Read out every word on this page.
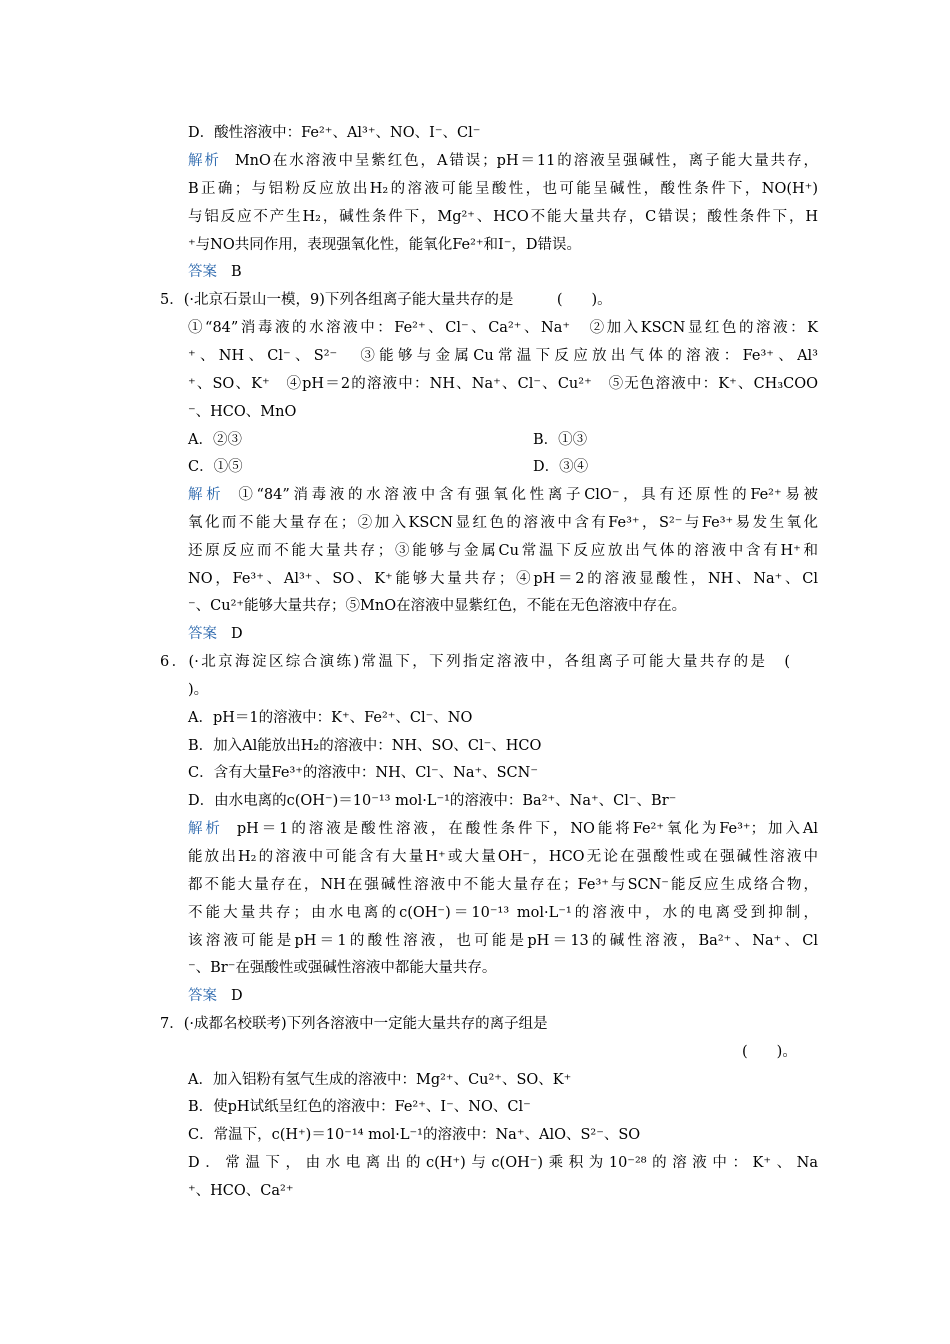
D．酸性溶液中：Fe²⁺、Al³⁺、NO、I⁻、Cl⁻
解析 MnO在水溶液中呈紫红色，A错误；pH＝11的溶液呈强碱性，离子能大量共存，
B正确；与铝粉反应放出H₂的溶液可能呈酸性，也可能呈碱性，酸性条件下，NO(H⁺)
与铝反应不产生H₂，碱性条件下，Mg²⁺、HCO不能大量共存，C错误；酸性条件下，H
⁺与NO共同作用，表现强氧化性，能氧化Fe²⁺和I⁻，D错误。
答案 B
5．(·北京石景山一模，9)下列各组离子能大量共存的是　　　(　　)。
①“84”消毒液的水溶液中：Fe²⁺、Cl⁻、Ca²⁺、Na⁺　②加入KSCN显红色的溶液：K
⁺、NH、Cl⁻、S²⁻　③能够与金属Cu常温下反应放出气体的溶液：Fe³⁺、Al³
⁺、SO、K⁺　④pH＝2的溶液中：NH、Na⁺、Cl⁻、Cu²⁺　⑤无色溶液中：K⁺、CH₃COO
⁻、HCO、MnO
A．②③	B．①③
C．①⑤	D．③④
解析 ①“84”消毒液的水溶液中含有强氧化性离子ClO⁻，具有还原性的Fe²⁺易被
氧化而不能大量存在；②加入KSCN显红色的溶液中含有Fe³⁺，S²⁻与Fe³⁺易发生氧化
还原反应而不能大量共存；③能够与金属Cu常温下反应放出气体的溶液中含有H⁺和
NO，Fe³⁺、Al³⁺、SO、K⁺能够大量共存；④pH＝2的溶液显酸性，NH、Na⁺、Cl
⁻、Cu²⁺能够大量共存；⑤MnO在溶液中显紫红色，不能在无色溶液中存在。
答案 D
6．(·北京海淀区综合演练)常温下，下列指定溶液中，各组离子可能大量共存的是　(
)。
A．pH＝1的溶液中：K⁺、Fe²⁺、Cl⁻、NO
B．加入Al能放出H₂的溶液中：NH、SO、Cl⁻、HCO
C．含有大量Fe³⁺的溶液中：NH、Cl⁻、Na⁺、SCN⁻
D．由水电离的c(OH⁻)＝10⁻¹³ mol·L⁻¹的溶液中：Ba²⁺、Na⁺、Cl⁻、Br⁻
解析 pH＝1的溶液是酸性溶液，在酸性条件下，NO能将Fe²⁺氧化为Fe³⁺；加入Al
能放出H₂的溶液中可能含有大量H⁺或大量OH⁻，HCO无论在强酸性或在强碱性溶液中
都不能大量存在，NH在强碱性溶液中不能大量存在；Fe³⁺与SCN⁻能反应生成络合物，
不能大量共存；由水电离的c(OH⁻)＝10⁻¹³ mol·L⁻¹的溶液中，水的电离受到抑制，
该溶液可能是pH＝1的酸性溶液，也可能是pH＝13的碱性溶液，Ba²⁺、Na⁺、Cl
⁻、Br⁻在强酸性或强碱性溶液中都能大量共存。
答案 D
7．(·成都名校联考)下列各溶液中一定能大量共存的离子组是
(　　)。
A．加入铝粉有氢气生成的溶液中：Mg²⁺、Cu²⁺、SO、K⁺
B．使pH试纸呈红色的溶液中：Fe²⁺、I⁻、NO、Cl⁻
C．常温下，c(H⁺)＝10⁻¹⁴ mol·L⁻¹的溶液中：Na⁺、AlO、S²⁻、SO
D．常温下，由水电离出的c(H⁺)与c(OH⁻)乘积为10⁻²⁸的溶液中：K⁺、Na
⁺、HCO、Ca²⁺
